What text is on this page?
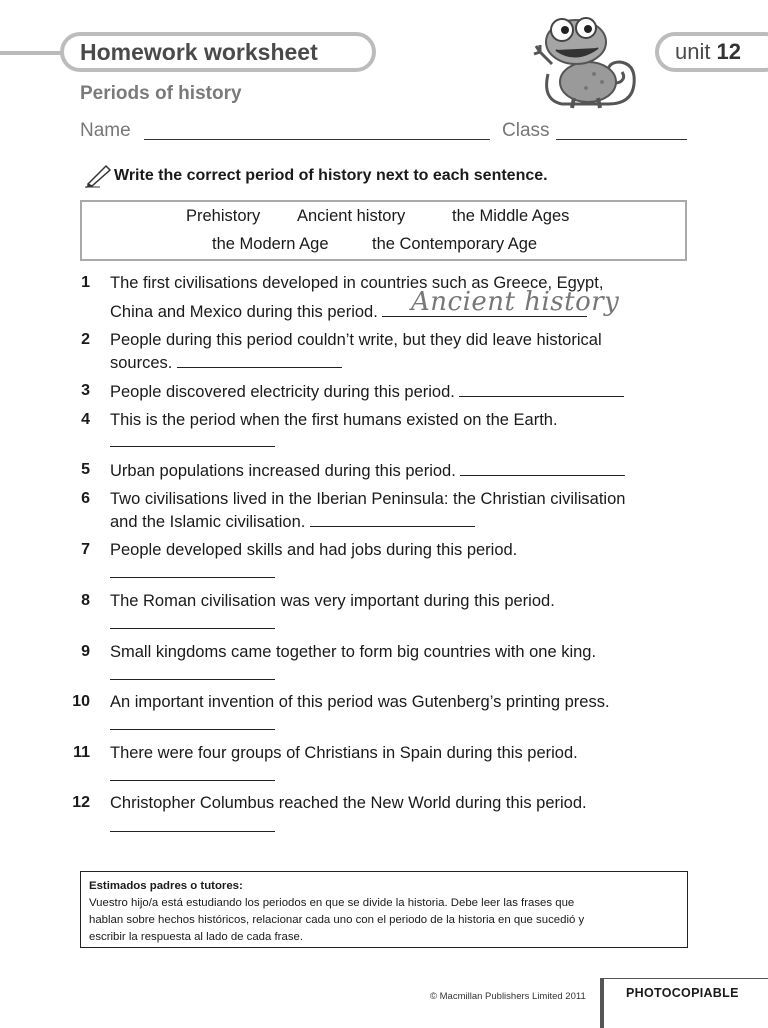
Homework worksheet	unit 12
Periods of history
Name	Class
Write the correct period of history next to each sentence.
Prehistory Ancient history	the Middle Ages
the Modern Age	the Contemporary Age
1 The first civilisations developed in countries such as Greece, Egypt,
China and Mexico during this period.	Ancient history
2 People during this period couldn’t write, but they did leave historical
sources.
3 People discovered electricity during this period.
4 This is the period when the first humans existed on the Earth.
5 Urban populations increased during this period.
6 Two civilisations lived in the Iberian Peninsula: the Christian civilisation
and the Islamic civilisation.
7 People developed skills and had jobs during this period.
8 The Roman civilisation was very important during this period.
9 Small kingdoms came together to form big countries with one king.
10 An important invention of this period was Gutenberg’s printing press.
11 There were four groups of Christians in Spain during this period.
12 Christopher Columbus reached the New World during this period.
Estimados padres o tutores:
Vuestro hijo/a está estudiando los periodos en que se divide la historia. Debe leer las frases que
hablan sobre hechos históricos, relacionar cada uno con el periodo de la historia en que sucedió y
escribir la respuesta al lado de cada frase.
© Macmillan Publishers Limited 2011	PHOTOCOPIABLE
